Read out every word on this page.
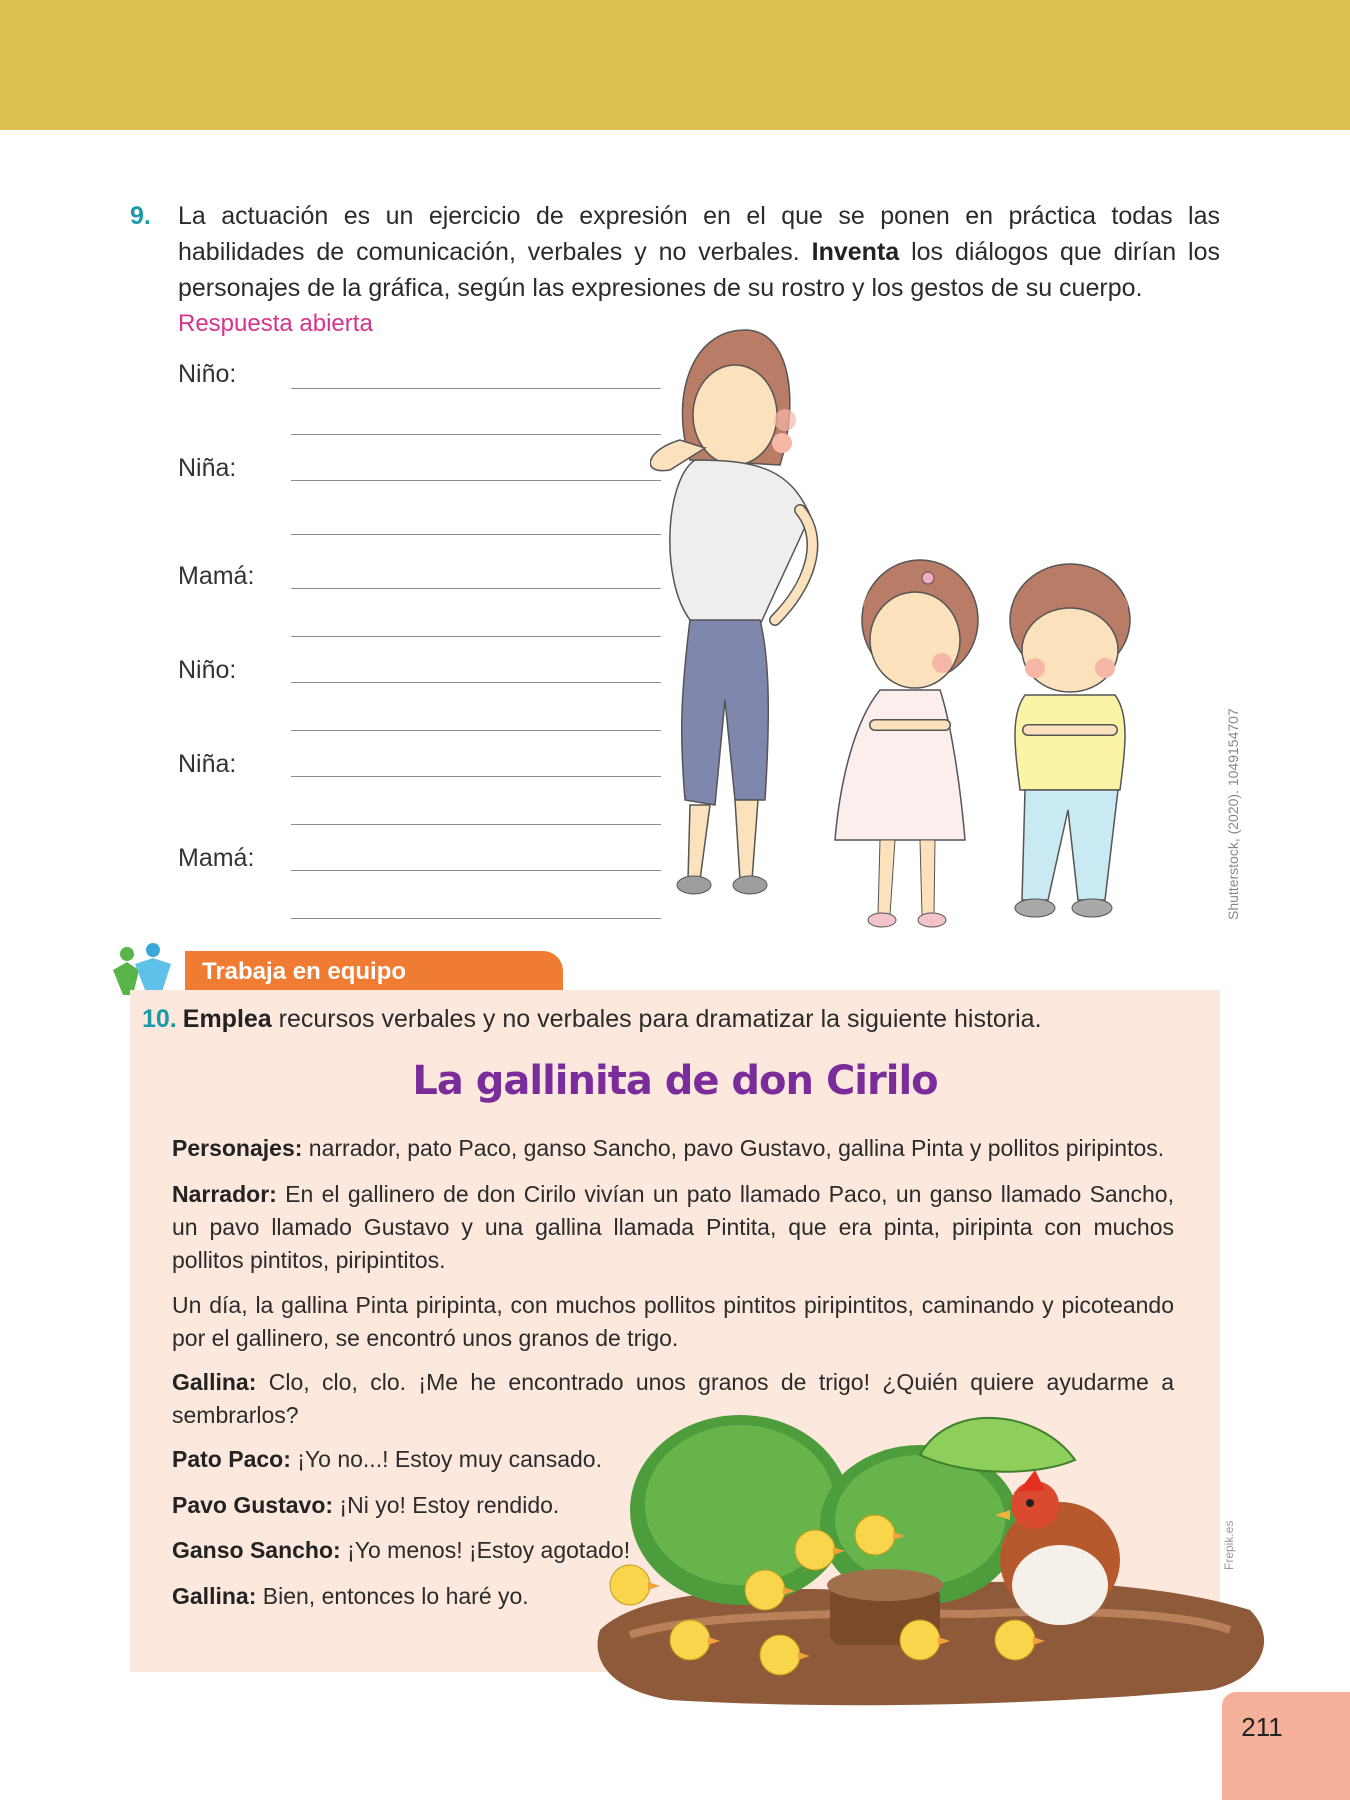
9. La actuación es un ejercicio de expresión en el que se ponen en práctica todas las habilidades de comunicación, verbales y no verbales. Inventa los diálogos que dirían los personajes de la gráfica, según las expresiones de su rostro y los gestos de su cuerpo.
Respuesta abierta
Niño:
Niña:
Mamá:
Niño:
Niña:
Mamá:	Shutterstock, (2020). 1049154707
Trabaja en equipo
10. Emplea recursos verbales y no verbales para dramatizar la siguiente historia.
La gallinita de don Cirilo
Personajes: narrador, pato Paco, ganso Sancho, pavo Gustavo, gallina Pinta y pollitos piripintos.
Narrador: En el gallinero de don Cirilo vivían un pato llamado Paco, un ganso llamado Sancho, un pavo llamado Gustavo y una gallina llamada Pintita, que era pinta, piripinta con muchos pollitos pintitos, piripintitos.
Un día, la gallina Pinta piripinta, con muchos pollitos pintitos piripintitos, caminando y picoteando por el gallinero, se encontró unos granos de trigo.
Gallina: Clo, clo, clo. ¡Me he encontrado unos granos de trigo! ¿Quién quiere ayudarme a sembrarlos?
Pato Paco: ¡Yo no...! Estoy muy cansado.
Pavo Gustavo: ¡Ni yo! Estoy rendido.
Ganso Sancho: ¡Yo menos! ¡Estoy agotado!
Gallina: Bien, entonces lo haré yo.
Frepik.es
211
